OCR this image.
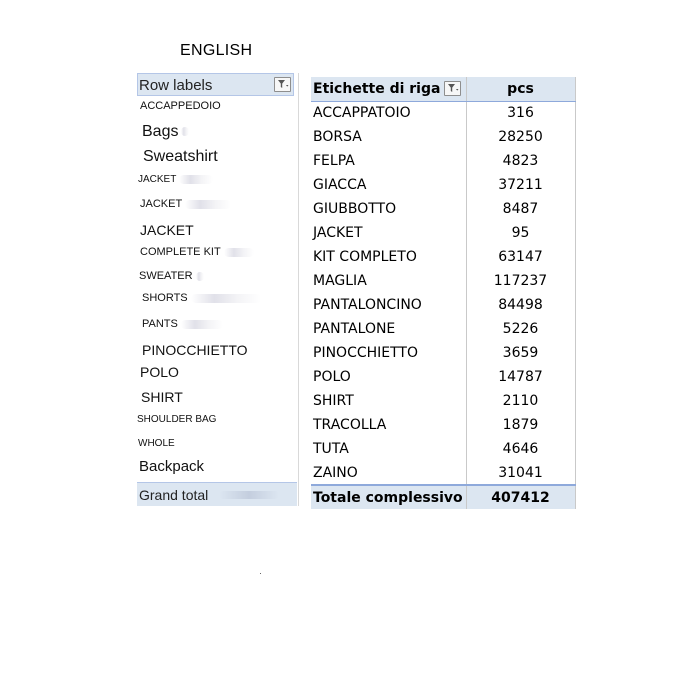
ENGLISH
Row labels
ACCAPPEDOIO
Bags
Sweatshirt
JACKET
JACKET
JACKET
COMPLETE KIT
SWEATER
SHORTS
PANTS
PINOCCHIETTO
POLO
SHIRT
SHOULDER BAG
WHOLE
Backpack
Grand total
Etichette di riga	pcs
ACCAPPATOIO	316
BORSA	28250
FELPA	4823
GIACCA	37211
GIUBBOTTO	8487
JACKET	95
KIT COMPLETO	63147
MAGLIA	117237
PANTALONCINO	84498
PANTALONE	5226
PINOCCHIETTO	3659
POLO	14787
SHIRT	2110
TRACOLLA	1879
TUTA	4646
ZAINO	31041
Totale complessivo	407412
